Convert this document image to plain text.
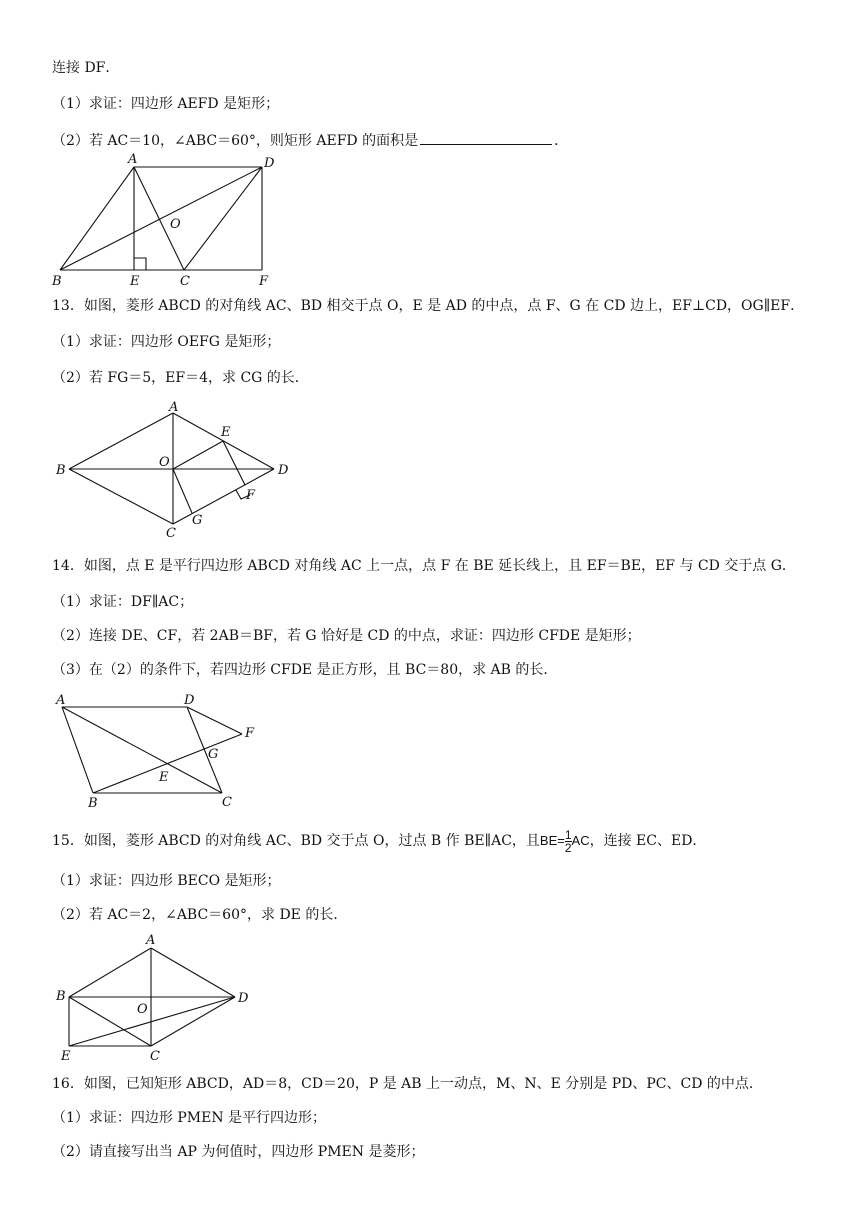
连接 DF．
（1）求证：四边形 AEFD 是矩形；
（2）若 AC＝10，∠ABC＝60°，则矩形 AEFD 的面积是	．
A	D
O
B	E	C	F
13．如图，菱形 ABCD 的对角线 AC、BD 相交于点 O，E 是 AD 的中点，点 F、G 在 CD 边上，EF⊥CD，OG∥EF．
（1）求证：四边形 OEFG 是矩形；
（2）若 FG＝5，EF＝4，求 CG 的长．
A
E
B
O
D
F
C
G
14．如图，点 E 是平行四边形 ABCD 对角线 AC 上一点，点 F 在 BE 延长线上，且 EF＝BE，EF 与 CD 交于点 G．
（1）求证：DF∥AC；
（2）连接 DE、CF，若 2AB＝BF，若 G 恰好是 CD 的中点，求证：四边形 CFDE 是矩形；
（3）在（2）的条件下，若四边形 CFDE 是正方形，且 BC＝80，求 AB 的长．
A	D
F
G
E
B	C
15．如图，菱形 ABCD 的对角线 AC、BD 交于点 O，过点 B 作 BE∥AC，且$BE= \frac{1}{2}$ AC，连接 EC、ED．
（1）求证：四边形 BECO 是矩形；
（2）若 AC＝2，∠ABC＝60°，求 DE 的长．
A
B
O
D
E	C
16．如图，已知矩形 ABCD，AD＝8，CD＝20，P 是 AB 上一动点，M、N、E 分别是 PD、PC、CD 的中点．
（1）求证：四边形 PMEN 是平行四边形；
（2）请直接写出当 AP 为何值时，四边形 PMEN 是菱形；
